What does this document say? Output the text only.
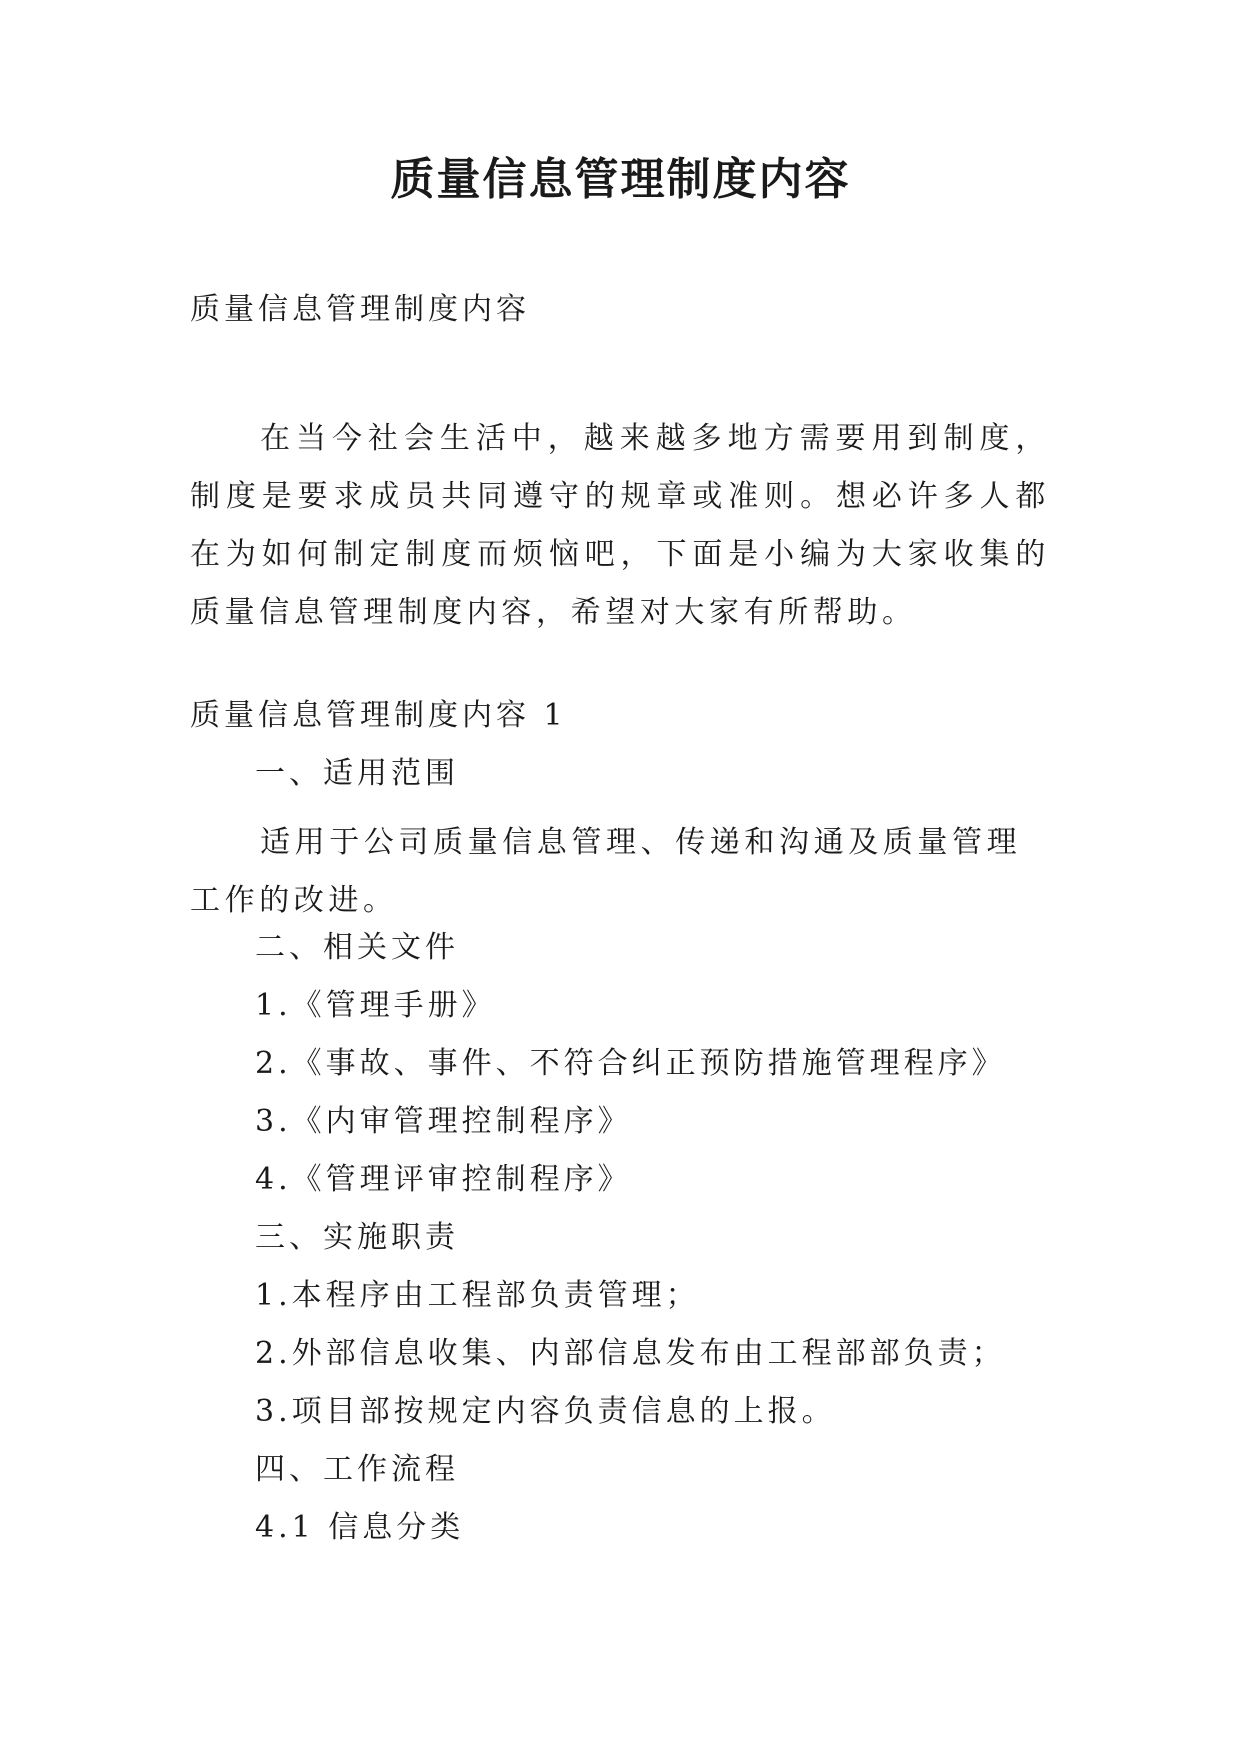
质量信息管理制度内容

质量信息管理制度内容

在当今社会生活中，越来越多地方需要用到制度，制度是要求成员共同遵守的规章或准则。想必许多人都在为如何制定制度而烦恼吧，下面是小编为大家收集的质量信息管理制度内容，希望对大家有所帮助。

质量信息管理制度内容 1

一、适用范围

适用于公司质量信息管理、传递和沟通及质量管理工作的改进。

二、相关文件

1.《管理手册》

2.《事故、事件、不符合纠正预防措施管理程序》

3.《内审管理控制程序》

4.《管理评审控制程序》

三、实施职责

1.本程序由工程部负责管理；

2.外部信息收集、内部信息发布由工程部部负责；

3.项目部按规定内容负责信息的上报。

四、工作流程

4.1 信息分类
